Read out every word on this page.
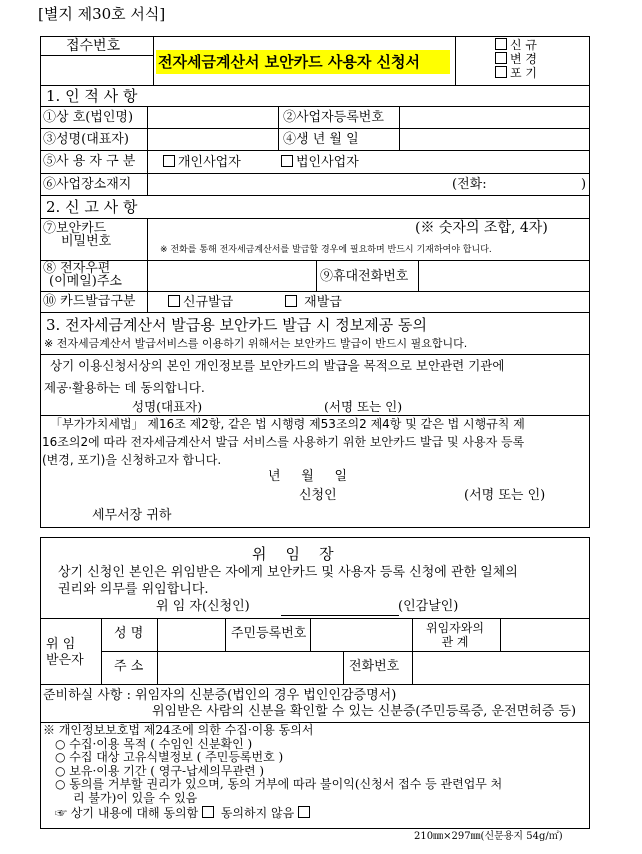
[별지 제30호 서식]
접수번호
전자세금계산서 보안카드 사용자 신청서
신 규
변 경
포 기
1. 인 적 사 항
①상 호(법인명)	②사업자등록번호
③성명(대표자)	④생 년 월 일
⑤사 용 자 구 분	개인사업자	법인사업자
⑥사업장소재지	(전화:	)
2. 신 고 사 항
⑦보안카드
비밀번호
(※ 숫자의 조합, 4자)
※ 전화를 통해 전자세금계산서를 발급할 경우에 필요하며 반드시 기재하여야 합니다.
⑧ 전자우편
(이메일)주소	⑨휴대전화번호
⑩ 카드발급구분	신규발급	재발급
3. 전자세금계산서 발급용 보안카드 발급 시 정보제공 동의
※ 전자세금계산서 발급서비스를 이용하기 위해서는 보안카드 발급이 반드시 필요합니다.
상기 이용신청서상의 본인 개인정보를 보안카드의 발급을 목적으로 보안관련 기관에
제공·활용하는 데 동의합니다.
성명(대표자)	(서명 또는 인)
「부가가치세법」 제16조 제2항, 같은 법 시행령 제53조의2 제4항 및 같은 법 시행규칙 제
16조의2에 따라 전자세금계산서 발급 서비스를 사용하기 위한 보안카드 발급 및 사용자 등록
(변경, 포기)을 신청하고자 합니다.
년     월     일
신청인	(서명 또는 인)
세무서장 귀하
위    임    장
상기 신청인 본인은 위임받은 자에게 보안카드 및 사용자 등록 신청에 관한 일체의
권리와 의무를 위임합니다.
위 임 자(신청인)	(인감날인)
위 임
받은자
성 명	주민등록번호	위임자와의
관 계
주 소	전화번호
준비하실 사항 : 위임자의 신분증(법인의 경우 법인인감증명서)
위임받은 사람의 신분을 확인할 수 있는 신분증(주민등록증, 운전면허증 등)
※ 개인정보보호법 제24조에 의한 수집·이용 동의서
○ 수집·이용 목적 ( 수임인 신분확인 )
○ 수집 대상 고유식별정보 ( 주민등록번호 )
○ 보유·이용 기간 ( 영구-납세의무관련 )
○ 동의를 거부할 권리가 있으며, 동의 거부에 따라 불이익(신청서 접수 등 관련업무 처
리 불가)이 있을 수 있음
☞ 상기 내용에 대해 동의함 동의하지 않음
210㎜×297㎜(신문용지 54g/㎡)
